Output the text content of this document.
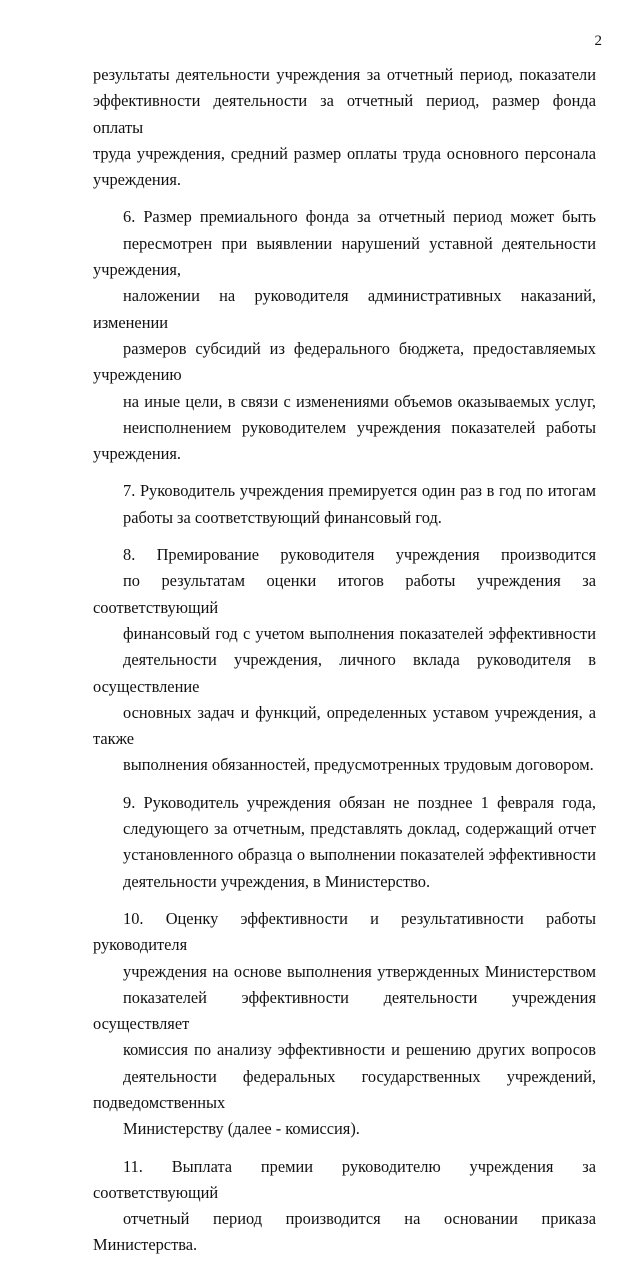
2

результаты деятельности учреждения за отчетный период, показатели
эффективности деятельности за отчетный период, размер фонда оплаты
труда учреждения, средний размер оплаты труда основного персонала
учреждения.

6. Размер премиального фонда за отчетный период может быть
пересмотрен при выявлении нарушений уставной деятельности учреждения,
наложении на руководителя административных наказаний, изменении
размеров субсидий из федерального бюджета, предоставляемых учреждению
на иные цели, в связи с изменениями объемов оказываемых услуг,
неисполнением руководителем учреждения показателей работы учреждения.

7. Руководитель учреждения премируется один раз в год по итогам
работы за соответствующий финансовый год.

8. Премирование руководителя учреждения производится
по результатам оценки итогов работы учреждения за соответствующий
финансовый год с учетом выполнения показателей эффективности
деятельности учреждения, личного вклада руководителя в осуществление
основных задач и функций, определенных уставом учреждения, а также
выполнения обязанностей, предусмотренных трудовым договором.

9. Руководитель учреждения обязан не позднее 1 февраля года,
следующего за отчетным, представлять доклад, содержащий отчет
установленного образца о выполнении показателей эффективности
деятельности учреждения, в Министерство.

10. Оценку эффективности и результативности работы руководителя
учреждения на основе выполнения утвержденных Министерством
показателей эффективности деятельности учреждения осуществляет
комиссия по анализу эффективности и решению других вопросов
деятельности федеральных государственных учреждений, подведомственных
Министерству (далее - комиссия).

11. Выплата премии руководителю учреждения за соответствующий
отчетный период производится на основании приказа Министерства.
